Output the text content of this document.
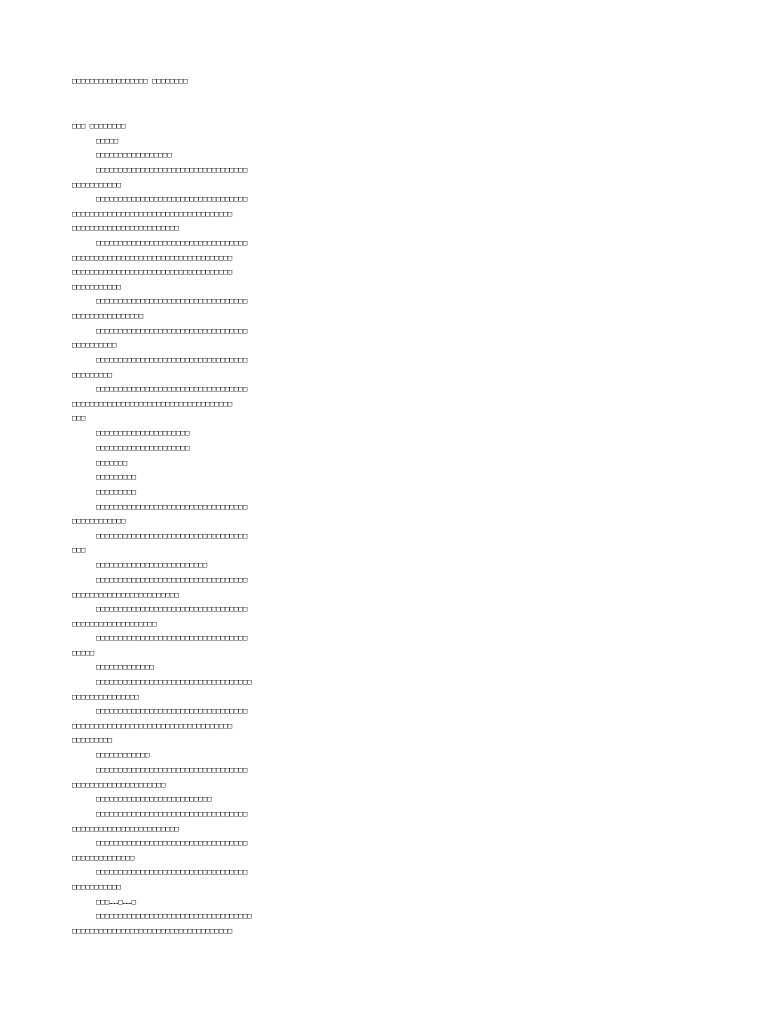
□□□□□□□□□□□□□□□□□ □□□□□□□□
□□□ □□□□□□□□
□□□□□
□□□□□□□□□□□□□□□□□
□□□□□□□□□□□□□□□□□□□□□□□□□□□□□□□□□□
□□□□□□□□□□□
□□□□□□□□□□□□□□□□□□□□□□□□□□□□□□□□□□
□□□□□□□□□□□□□□□□□□□□□□□□□□□□□□□□□□□□
□□□□□□□□□□□□□□□□□□□□□□□□
□□□□□□□□□□□□□□□□□□□□□□□□□□□□□□□□□□
□□□□□□□□□□□□□□□□□□□□□□□□□□□□□□□□□□□□
□□□□□□□□□□□□□□□□□□□□□□□□□□□□□□□□□□□□
□□□□□□□□□□□
□□□□□□□□□□□□□□□□□□□□□□□□□□□□□□□□□□
□□□□□□□□□□□□□□□□
□□□□□□□□□□□□□□□□□□□□□□□□□□□□□□□□□□
□□□□□□□□□□
□□□□□□□□□□□□□□□□□□□□□□□□□□□□□□□□□□
□□□□□□□□□
□□□□□□□□□□□□□□□□□□□□□□□□□□□□□□□□□□
□□□□□□□□□□□□□□□□□□□□□□□□□□□□□□□□□□□□
□□□
□□□□□□□□□□□□□□□□□□□□□
□□□□□□□□□□□□□□□□□□□□□
□□□□□□□
□□□□□□□□□
□□□□□□□□□
□□□□□□□□□□□□□□□□□□□□□□□□□□□□□□□□□□
□□□□□□□□□□□□
□□□□□□□□□□□□□□□□□□□□□□□□□□□□□□□□□□
□□□
□□□□□□□□□□□□□□□□□□□□□□□□□
□□□□□□□□□□□□□□□□□□□□□□□□□□□□□□□□□□
□□□□□□□□□□□□□□□□□□□□□□□□
□□□□□□□□□□□□□□□□□□□□□□□□□□□□□□□□□□
□□□□□□□□□□□□□□□□□□□
□□□□□□□□□□□□□□□□□□□□□□□□□□□□□□□□□□
□□□□□
□□□□□□□□□□□□□
□□□□□□□□□□□□□□□□□□□□□□□□□□□□□□□□□□□
□□□□□□□□□□□□□□□
□□□□□□□□□□□□□□□□□□□□□□□□□□□□□□□□□□
□□□□□□□□□□□□□□□□□□□□□□□□□□□□□□□□□□□□
□□□□□□□□□
□□□□□□□□□□□□
□□□□□□□□□□□□□□□□□□□□□□□□□□□□□□□□□□
□□□□□□□□□□□□□□□□□□□□□
□□□□□□□□□□□□□□□□□□□□□□□□□□
□□□□□□□□□□□□□□□□□□□□□□□□□□□□□□□□□□
□□□□□□□□□□□□□□□□□□□□□□□□
□□□□□□□□□□□□□□□□□□□□□□□□□□□□□□□□□□
□□□□□□□□□□□□□□
□□□□□□□□□□□□□□□□□□□□□□□□□□□□□□□□□□
□□□□□□□□□□□
□□□……□……□
□□□□□□□□□□□□□□□□□□□□□□□□□□□□□□□□□□□
□□□□□□□□□□□□□□□□□□□□□□□□□□□□□□□□□□□□
